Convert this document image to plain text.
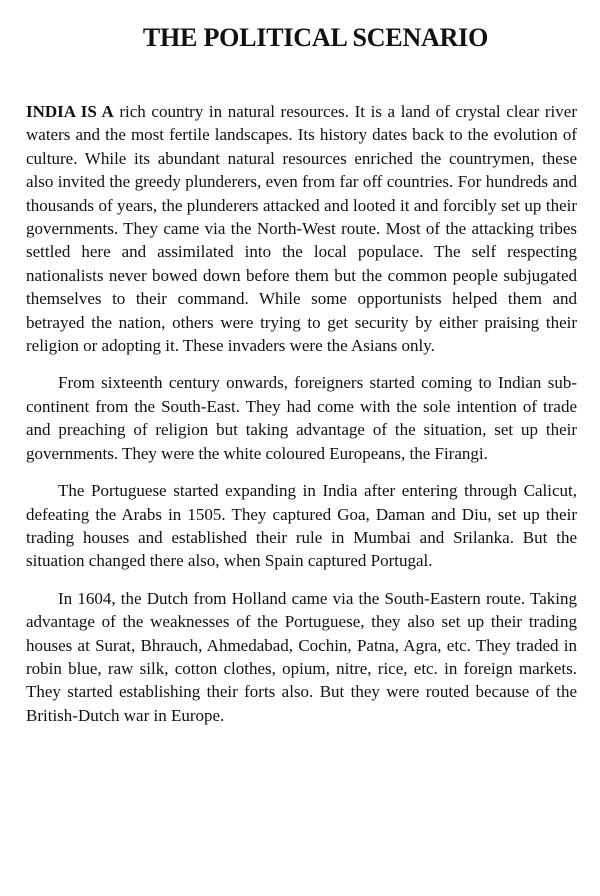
THE POLITICAL SCENARIO

INDIA IS A rich country in natural resources. It is a land of crystal clear river waters and the most fertile landscapes. Its history dates back to the evolution of culture. While its abundant natural resources enriched the countrymen, these also invited the greedy plunderers, even from far off countries. For hundreds and thousands of years, the plunderers attacked and looted it and forcibly set up their governments. They came via the North-West route. Most of the attacking tribes settled here and assimilated into the local populace. The self respecting nationalists never bowed down before them but the common people subjugated themselves to their command. While some opportunists helped them and betrayed the nation, others were trying to get security by either praising their religion or adopting it. These invaders were the Asians only.

From sixteenth century onwards, foreigners started coming to Indian sub-continent from the South-East. They had come with the sole intention of trade and preaching of religion but taking advantage of the situation, set up their governments. They were the white coloured Europeans, the Firangi.

The Portuguese started expanding in India after entering through Calicut, defeating the Arabs in 1505. They captured Goa, Daman and Diu, set up their trading houses and established their rule in Mumbai and Srilanka. But the situation changed there also, when Spain captured Portugal.

In 1604, the Dutch from Holland came via the South-Eastern route. Taking advantage of the weaknesses of the Portuguese, they also set up their trading houses at Surat, Bhrauch, Ahmedabad, Cochin, Patna, Agra, etc. They traded in robin blue, raw silk, cotton clothes, opium, nitre, rice, etc. in foreign markets. They started establishing their forts also. But they were routed because of the British-Dutch war in Europe.
